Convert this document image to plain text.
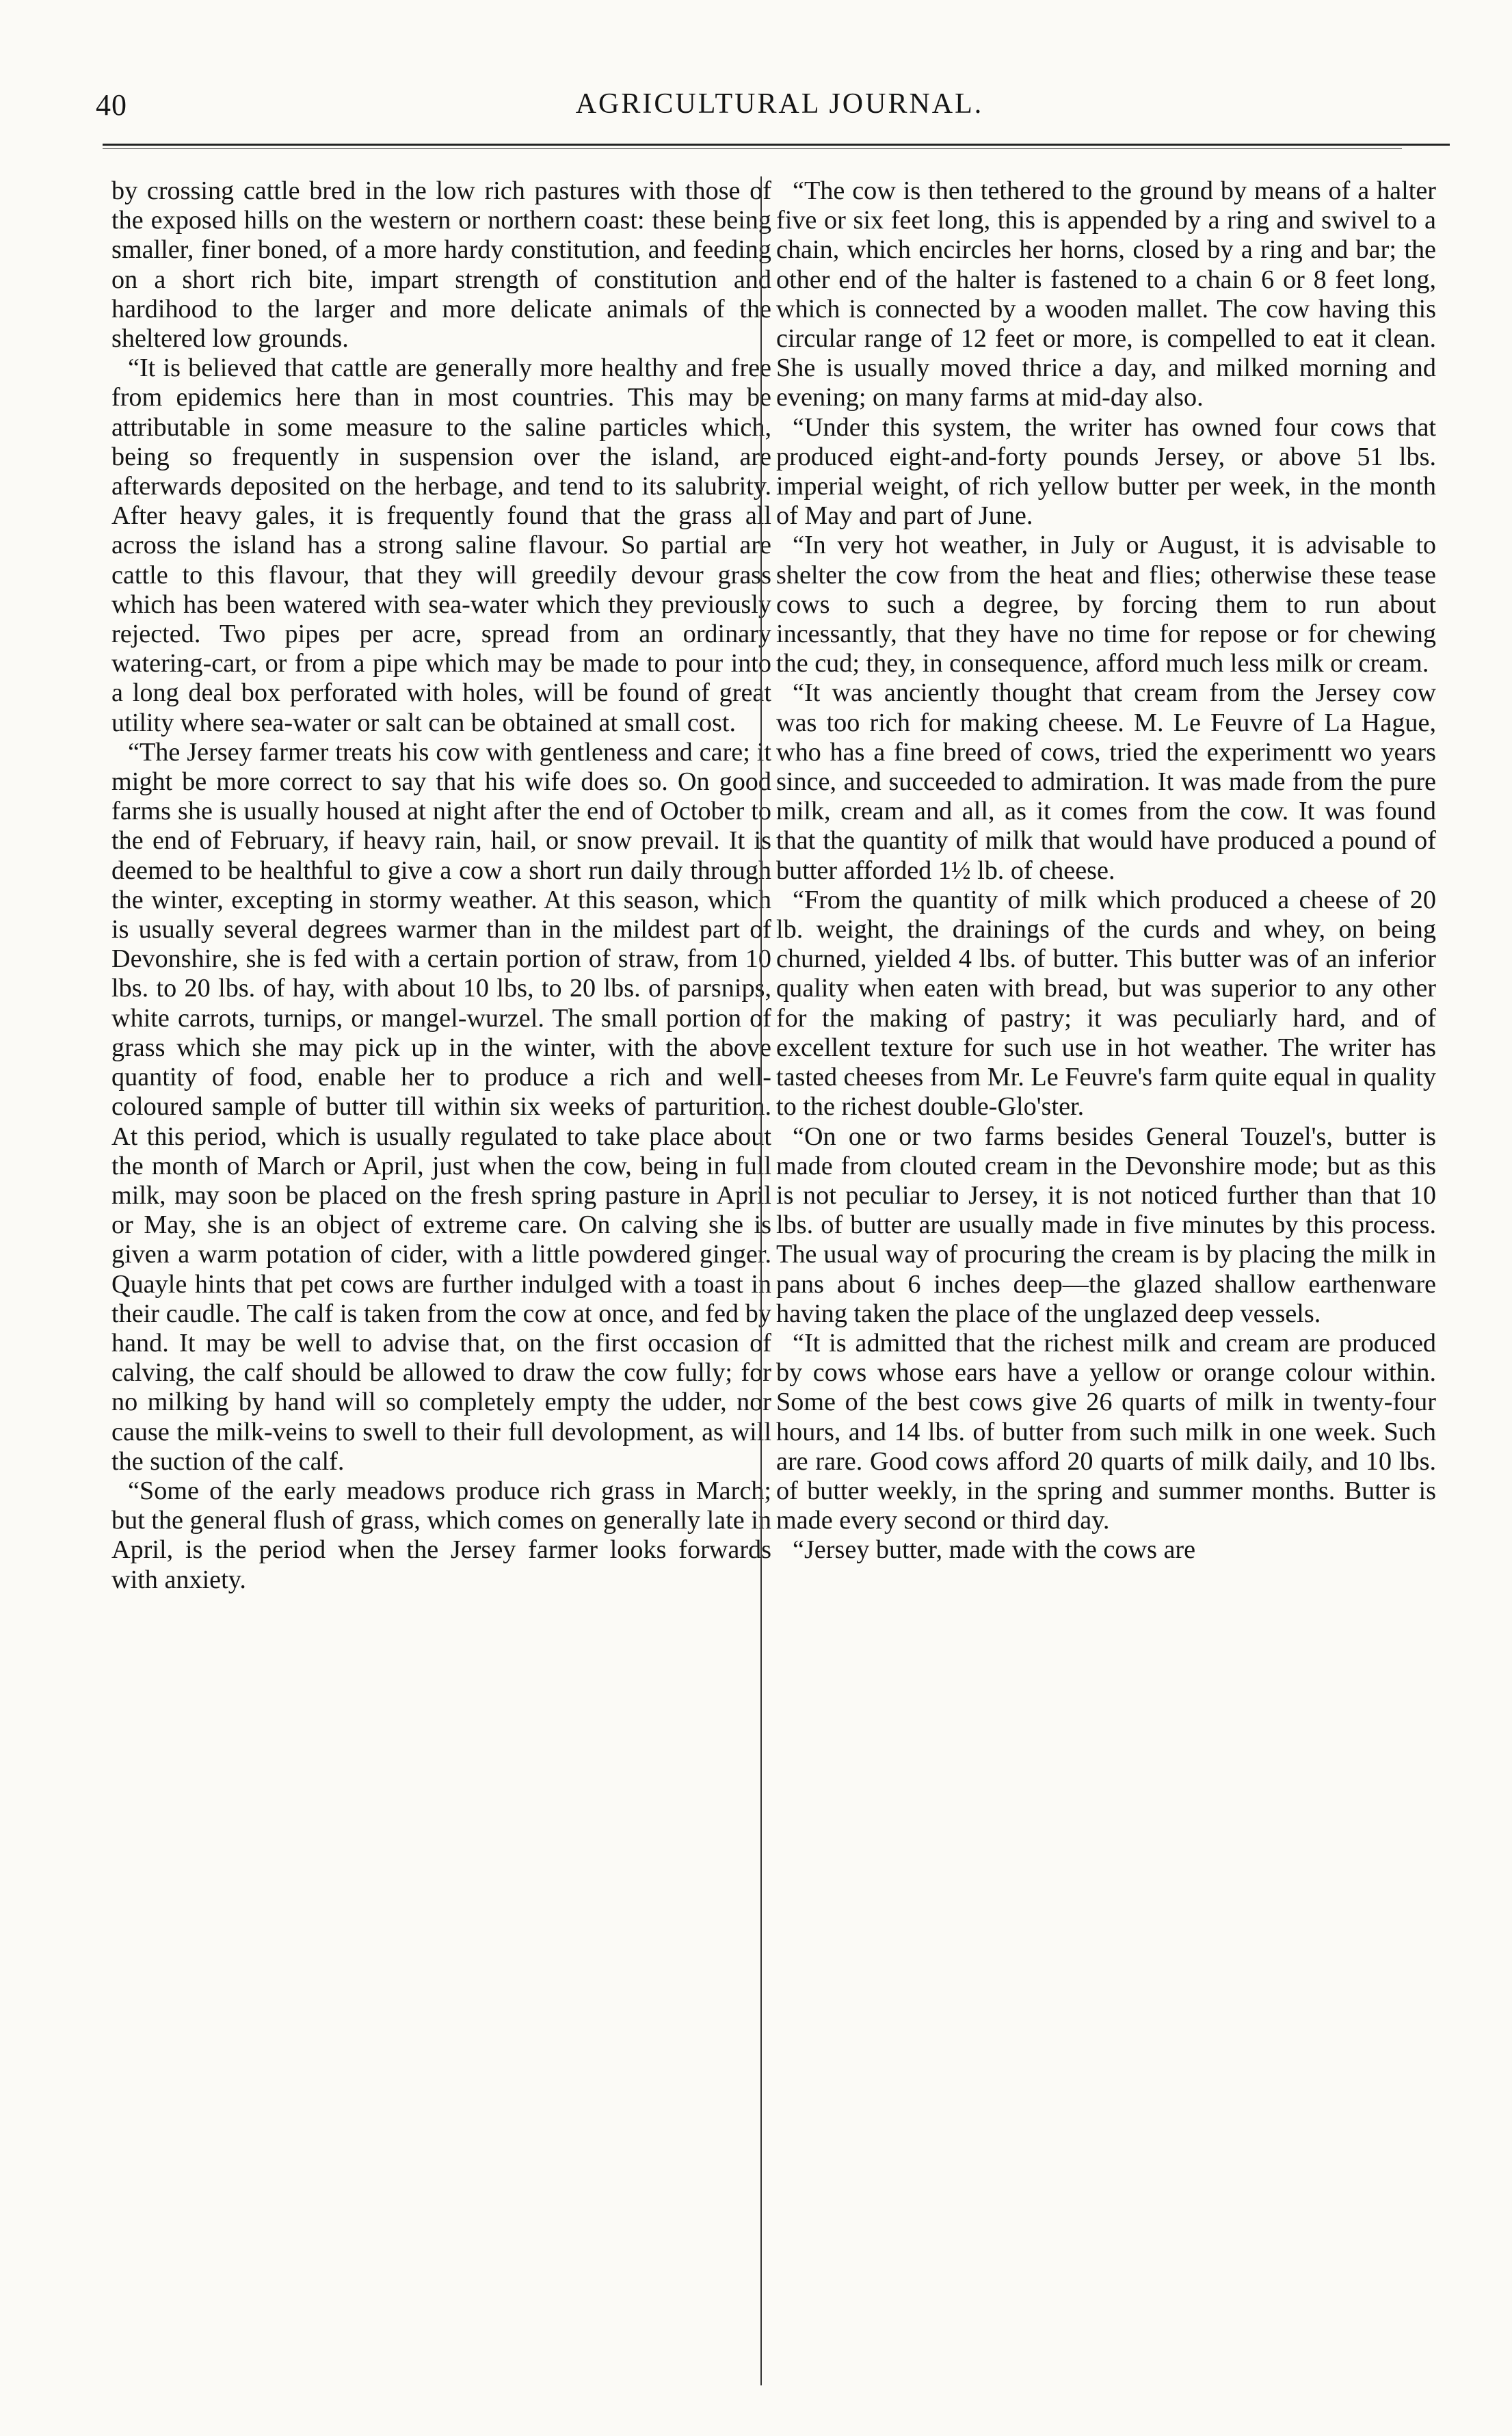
40	AGRICULTURAL JOURNAL.

by crossing cattle bred in the low rich pastures with those of the exposed hills on the western or northern coast: these being smaller, finer boned, of a more hardy constitution, and feeding on a short rich bite, impart strength of constitution and hardihood to the larger and more delicate animals of the sheltered low grounds.

“It is believed that cattle are generally more healthy and free from epidemics here than in most countries. This may be attributable in some measure to the saline particles which, being so frequently in suspension over the island, are afterwards deposited on the herbage, and tend to its salubrity. After heavy gales, it is frequently found that the grass all across the island has a strong saline flavour. So partial are cattle to this flavour, that they will greedily devour grass which has been watered with sea-water which they previously rejected. Two pipes per acre, spread from an ordinary watering-cart, or from a pipe which may be made to pour into a long deal box perforated with holes, will be found of great utility where sea-water or salt can be obtained at small cost.

“The Jersey farmer treats his cow with gentleness and care; it might be more correct to say that his wife does so. On good farms she is usually housed at night after the end of October to the end of February, if heavy rain, hail, or snow prevail. It is deemed to be healthful to give a cow a short run daily through the winter, excepting in stormy weather. At this season, which is usually several degrees warmer than in the mildest part of Devonshire, she is fed with a certain portion of straw, from 10 lbs. to 20 lbs. of hay, with about 10 lbs, to 20 lbs. of parsnips, white carrots, turnips, or mangel-wurzel. The small portion of grass which she may pick up in the winter, with the above quantity of food, enable her to produce a rich and well-coloured sample of butter till within six weeks of parturition. At this period, which is usually regulated to take place about the month of March or April, just when the cow, being in full milk, may soon be placed on the fresh spring pasture in April or May, she is an object of extreme care. On calving she is given a warm potation of cider, with a little powdered ginger. Quayle hints that pet cows are further indulged with a toast in their caudle. The calf is taken from the cow at once, and fed by hand. It may be well to advise that, on the first occasion of calving, the calf should be allowed to draw the cow fully; for no milking by hand will so completely empty the udder, nor cause the milk-veins to swell to their full devolopment, as will the suction of the calf.

“Some of the early meadows produce rich grass in March; but the general flush of grass, which comes on generally late in April, is the period when the Jersey farmer looks forwards with anxiety.

“The cow is then tethered to the ground by means of a halter five or six feet long, this is appended by a ring and swivel to a chain, which encircles her horns, closed by a ring and bar; the other end of the halter is fastened to a chain 6 or 8 feet long, which is connected by a wooden mallet. The cow having this circular range of 12 feet or more, is compelled to eat it clean. She is usually moved thrice a day, and milked morning and evening; on many farms at mid-day also.

“Under this system, the writer has owned four cows that produced eight-and-forty pounds Jersey, or above 51 lbs. imperial weight, of rich yellow butter per week, in the month of May and part of June.

“In very hot weather, in July or August, it is advisable to shelter the cow from the heat and flies; otherwise these tease cows to such a degree, by forcing them to run about incessantly, that they have no time for repose or for chewing the cud; they, in consequence, afford much less milk or cream.

“It was anciently thought that cream from the Jersey cow was too rich for making cheese. M. Le Feuvre of La Hague, who has a fine breed of cows, tried the experimentt wo years since, and succeeded to admiration. It was made from the pure milk, cream and all, as it comes from the cow. It was found that the quantity of milk that would have produced a pound of butter afforded 1½ lb. of cheese.

“From the quantity of milk which produced a cheese of 20 lb. weight, the drainings of the curds and whey, on being churned, yielded 4 lbs. of butter. This butter was of an inferior quality when eaten with bread, but was superior to any other for the making of pastry; it was peculiarly hard, and of excellent texture for such use in hot weather. The writer has tasted cheeses from Mr. Le Feuvre's farm quite equal in quality to the richest double-Glo'ster.

“On one or two farms besides General Touzel's, butter is made from clouted cream in the Devonshire mode; but as this is not peculiar to Jersey, it is not noticed further than that 10 lbs. of butter are usually made in five minutes by this process. The usual way of procuring the cream is by placing the milk in pans about 6 inches deep—the glazed shallow earthenware having taken the place of the unglazed deep vessels.

“It is admitted that the richest milk and cream are produced by cows whose ears have a yellow or orange colour within. Some of the best cows give 26 quarts of milk in twenty-four hours, and 14 lbs. of butter from such milk in one week. Such are rare. Good cows afford 20 quarts of milk daily, and 10 lbs. of butter weekly, in the spring and summer months. Butter is made every second or third day.

“Jersey butter, made with the cows are
